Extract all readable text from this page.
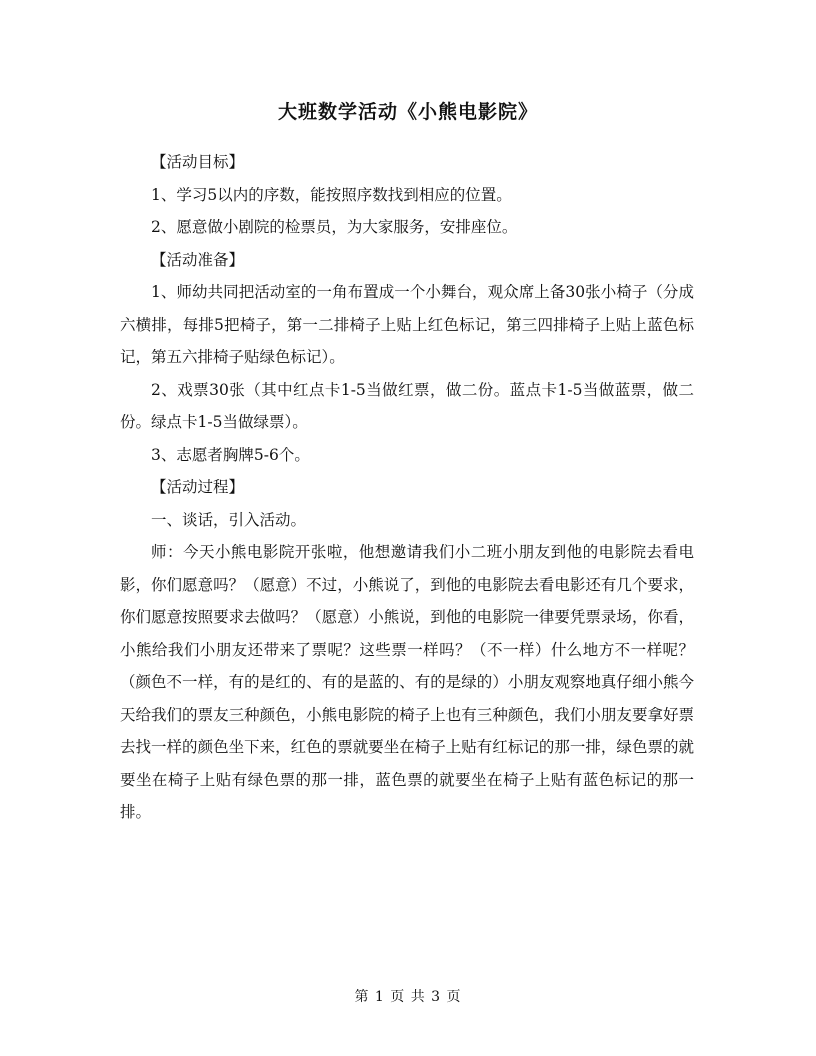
大班数学活动《小熊电影院》

【活动目标】

1、学习5以内的序数，能按照序数找到相应的位置。

2、愿意做小剧院的检票员，为大家服务，安排座位。

【活动准备】

1、师幼共同把活动室的一角布置成一个小舞台，观众席上备30张小椅子（分成六横排，每排5把椅子，第一二排椅子上贴上红色标记，第三四排椅子上贴上蓝色标记，第五六排椅子贴绿色标记）。

2、戏票30张（其中红点卡1-5当做红票，做二份。蓝点卡1-5当做蓝票，做二份。绿点卡1-5当做绿票）。

3、志愿者胸牌5-6个。

【活动过程】

一、谈话，引入活动。

师：今天小熊电影院开张啦，他想邀请我们小二班小朋友到他的电影院去看电影，你们愿意吗？（愿意）不过，小熊说了，到他的电影院去看电影还有几个要求，你们愿意按照要求去做吗？（愿意）小熊说，到他的电影院一律要凭票录场，你看，小熊给我们小朋友还带来了票呢？这些票一样吗？（不一样）什么地方不一样呢？（颜色不一样，有的是红的、有的是蓝的、有的是绿的）小朋友观察地真仔细小熊今天给我们的票友三种颜色，小熊电影院的椅子上也有三种颜色，我们小朋友要拿好票去找一样的颜色坐下来，红色的票就要坐在椅子上贴有红标记的那一排，绿色票的就要坐在椅子上贴有绿色票的那一排，蓝色票的就要坐在椅子上贴有蓝色标记的那一排。

第 1 页 共 3 页
